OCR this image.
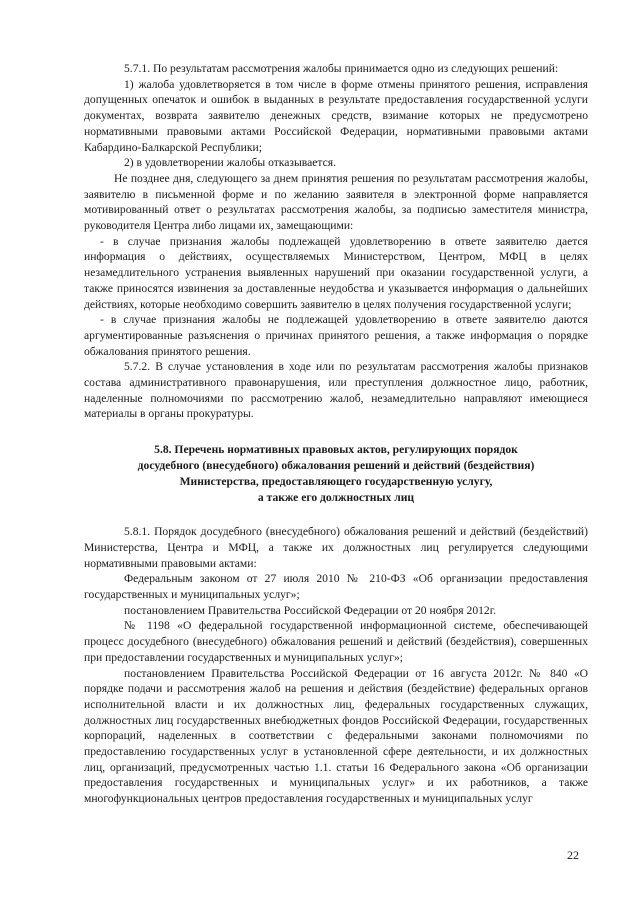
5.7.1. По результатам рассмотрения жалобы принимается одно из следующих решений:

1) жалоба удовлетворяется в том числе в форме отмены принятого решения, исправления допущенных опечаток и ошибок в выданных в результате предоставления государственной услуги документах, возврата заявителю денежных средств, взимание которых не предусмотрено нормативными правовыми актами Российской Федерации, нормативными правовыми актами Кабардино-Балкарской Республики;

2) в удовлетворении жалобы отказывается.

Не позднее дня, следующего за днем принятия решения по результатам рассмотрения жалобы, заявителю в письменной форме и по желанию заявителя в электронной форме направляется мотивированный ответ о результатах рассмотрения жалобы, за подписью заместителя министра, руководителя Центра либо лицами их, замещающими:

- в случае признания жалобы подлежащей удовлетворению в ответе заявителю дается информация о действиях, осуществляемых Министерством, Центром, МФЦ в целях незамедлительного устранения выявленных нарушений при оказании государственной услуги, а также приносятся извинения за доставленные неудобства и указывается информация о дальнейших действиях, которые необходимо совершить заявителю в целях получения государственной услуги;

- в случае признания жалобы не подлежащей удовлетворению в ответе заявителю даются аргументированные разъяснения о причинах принятого решения, а также информация о порядке обжалования принятого решения.

5.7.2. В случае установления в ходе или по результатам рассмотрения жалобы признаков состава административного правонарушения, или преступления должностное лицо, работник, наделенные полномочиями по рассмотрению жалоб, незамедлительно направляют имеющиеся материалы в органы прокуратуры.

5.8. Перечень нормативных правовых актов, регулирующих порядок
досудебного (внесудебного) обжалования решений и действий (бездействия)
Министерства, предоставляющего государственную услугу,
а также его должностных лиц

5.8.1. Порядок досудебного (внесудебного) обжалования решений и действий (бездействий) Министерства, Центра и МФЦ, а также их должностных лиц регулируется следующими нормативными правовыми актами:

Федеральным законом от 27 июля 2010 № 210-ФЗ «Об организации предоставления государственных и муниципальных услуг»;

постановлением Правительства Российской Федерации от 20 ноября 2012г.

№ 1198 «О федеральной государственной информационной системе, обеспечивающей процесс досудебного (внесудебного) обжалования решений и действий (бездействия), совершенных при предоставлении государственных и муниципальных услуг»;

постановлением Правительства Российской Федерации от 16 августа 2012г. № 840 «О порядке подачи и рассмотрения жалоб на решения и действия (бездействие) федеральных органов исполнительной власти и их должностных лиц, федеральных государственных служащих, должностных лиц государственных внебюджетных фондов Российской Федерации, государственных корпораций, наделенных в соответствии с федеральными законами полномочиями по предоставлению государственных услуг в установленной сфере деятельности, и их должностных лиц, организаций, предусмотренных частью 1.1. статьи 16 Федерального закона «Об организации предоставления государственных и муниципальных услуг» и их работников, а также многофункциональных центров предоставления государственных и муниципальных услуг

22
